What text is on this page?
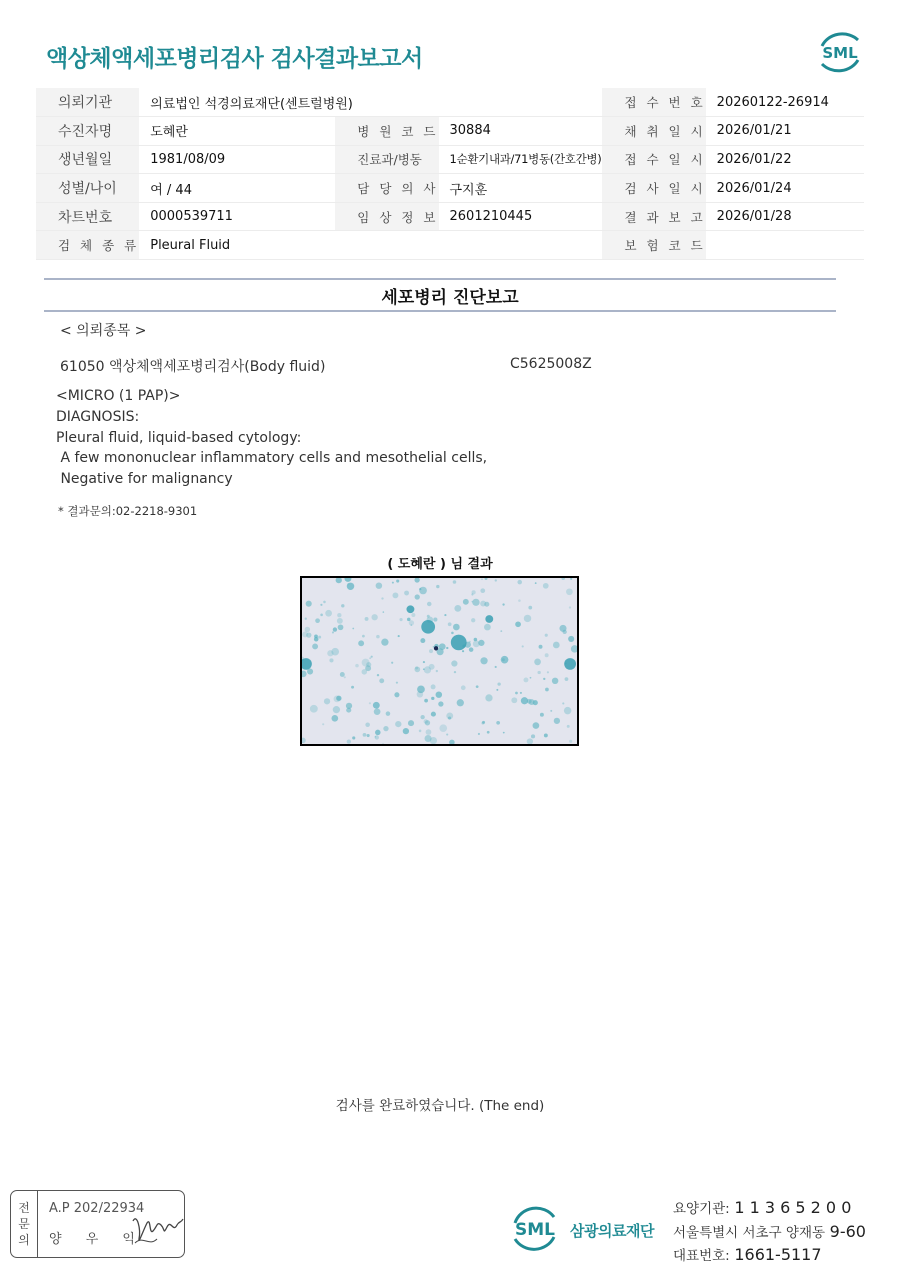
액상체액세포병리검사 검사결과보고서	SML
의뢰기관	의료법인 석경의료재단(센트럴병원)			접 수 번 호	20260122-26914
수진자명	도혜란	병 원 코 드	30884	채 취 일 시	2026/01/21
생년월일	1981/08/09	진료과/병동	1순환기내과/71병동(간호간병)	접 수 일 시	2026/01/22
성별/나이	여 / 44	담 당 의 사	구지훈	검 사 일 시	2026/01/24
차트번호	0000539711	임 상 정 보	2601210445	결 과 보 고	2026/01/28
검 체 종 류	Pleural Fluid			보 험 코 드	
세포병리 진단보고
< 의뢰종목 >
61050 액상체액세포병리검사(Body fluid)	C5625008Z
<MICRO (1 PAP)>
DIAGNOSIS:
Pleural fluid, liquid-based cytology:
A few mononuclear inflammatory cells and mesothelial cells,
Negative for malignancy
* 결과문의:02-2218-9301
( 도혜란 ) 님 결과
검사를 완료하였습니다. (The end)
전
문
의
A.P 202/22934
양 우 익	SML 삼광의료재단
요양기관: 1 1 3 6 5 2 0 0
서울특별시 서초구 양재동 9-60
대표번호: 1661-5117
